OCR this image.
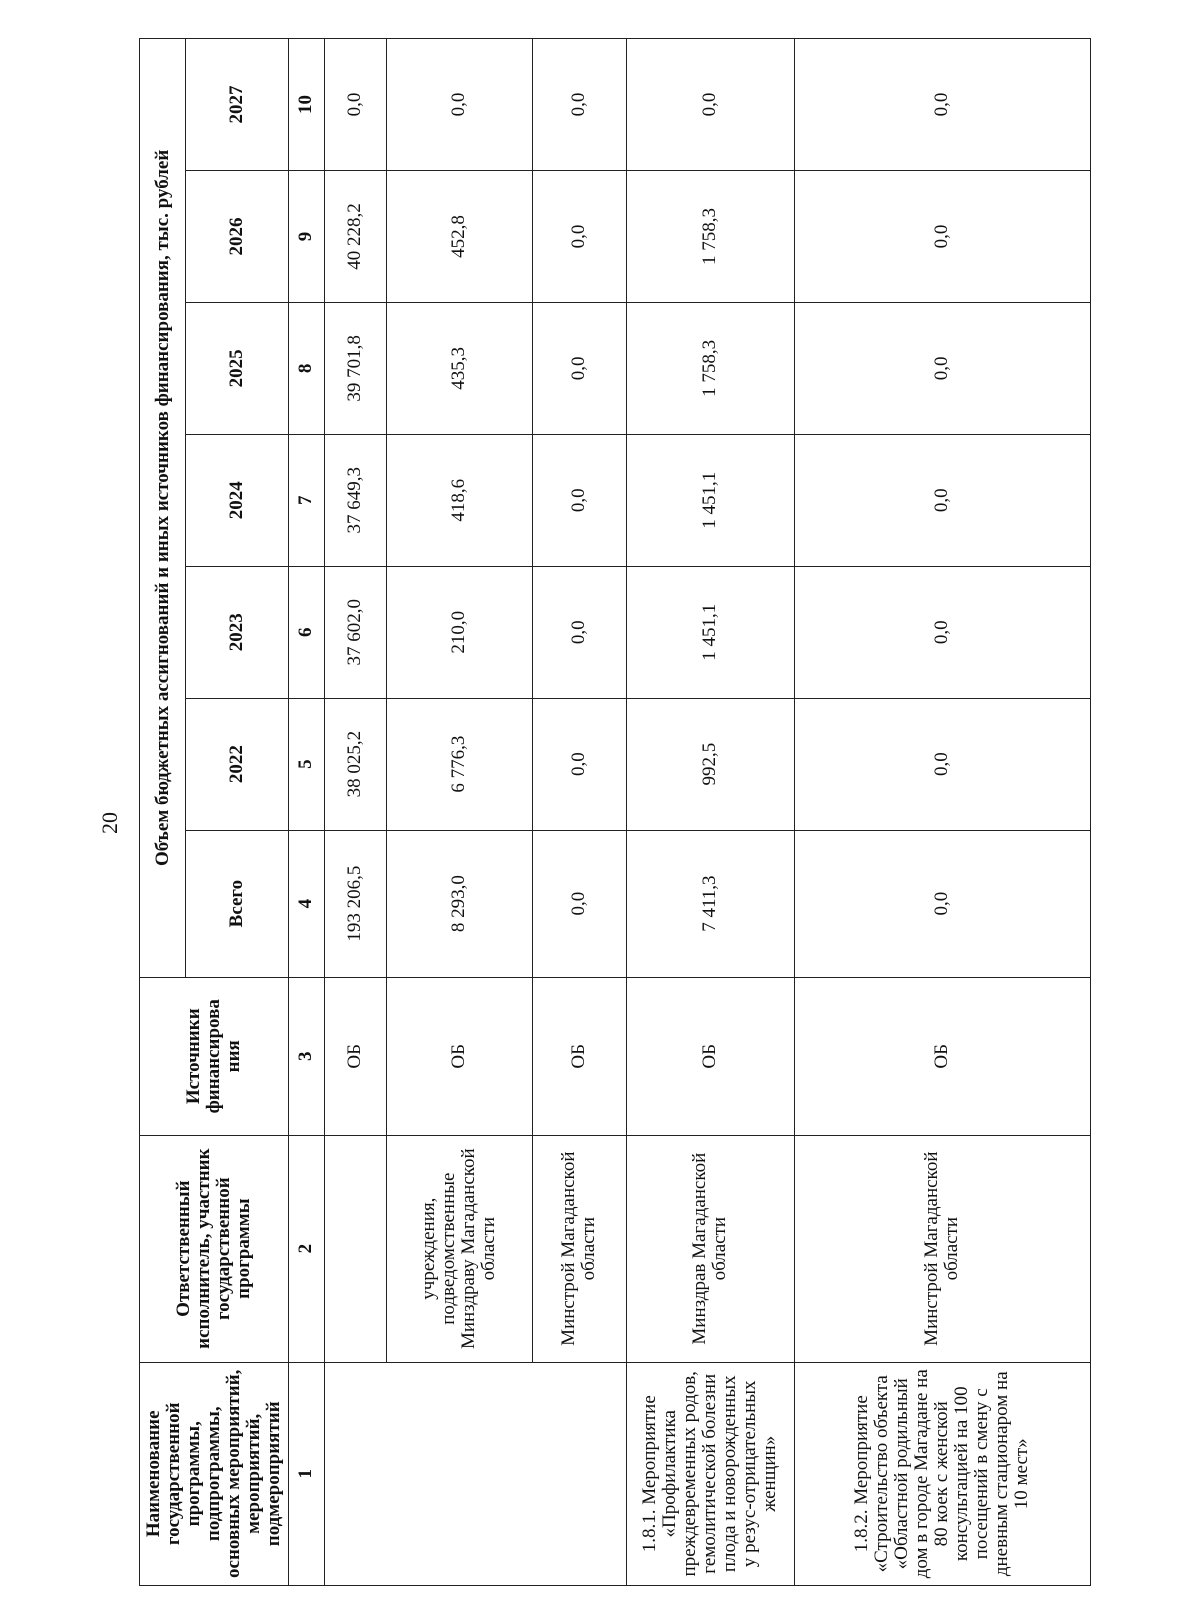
20
Наименование государственной программы, подпрограммы, основных мероприятий, мероприятий, подмероприятий	Ответственный исполнитель, участник государственной программы	Источники финансирова ния	Объем бюджетных ассигнований и иных источников финансирования, тыс. рублей						
			Всего	2022	2023	2024	2025	2026	2027
1	2	3	4	5	6	7	8	9	10
		ОБ	193 206,5	38 025,2	37 602,0	37 649,3	39 701,8	40 228,2	0,0
	учреждения, подведомственные Минздраву Магаданской области	ОБ	8 293,0	6 776,3	210,0	418,6	435,3	452,8	0,0
	Минстрой Магаданской области	ОБ	0,0	0,0	0,0	0,0	0,0	0,0	0,0
1.8.1. Мероприятие «Профилактика преждевременных родов, гемолитической болезни плода и новорожденных у резус-отрицательных женщин»	Минздрав Магаданской области	ОБ	7 411,3	992,5	1 451,1	1 451,1	1 758,3	1 758,3	0,0
1.8.2. Мероприятие «Строительство объекта «Областной родильный дом в городе Магадане на 80 коек с женской консультацией на 100 посещений в смену с дневным стационаром на 10 мест»	Минстрой Магаданской области	ОБ	0,0	0,0	0,0	0,0	0,0	0,0	0,0
